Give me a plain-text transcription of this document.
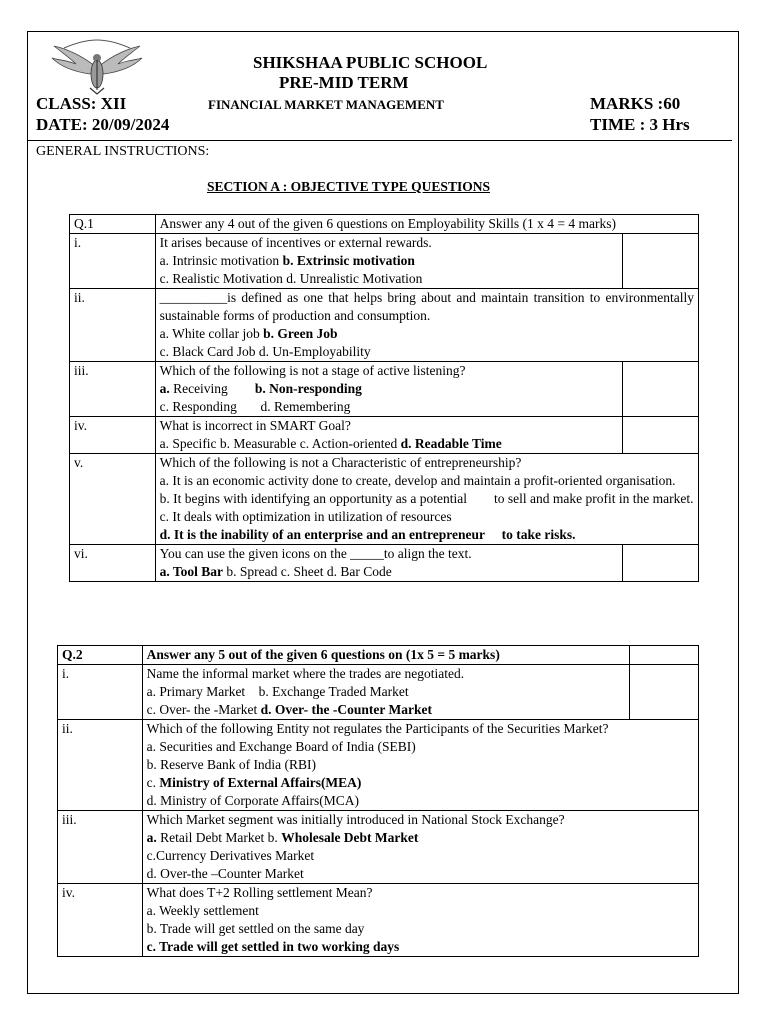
SHIKSHAA PUBLIC SCHOOL
PRE-MID TERM
CLASS: XII	FINANCIAL MARKET MANAGEMENT	MARKS :60
DATE: 20/09/2024	TIME : 3 Hrs
GENERAL INSTRUCTIONS:
SECTION A : OBJECTIVE TYPE QUESTIONS
Q.1	Answer any 4 out of the given 6 questions on Employability Skills (1 x 4 = 4 marks)	
i.	It arises because of incentives or external rewards.
a. Intrinsic motivation b. Extrinsic motivation
c. Realistic Motivation d. Unrealistic Motivation	

ii.	__________is defined as one that helps bring about and maintain transition to environmentally sustainable forms of production and consumption.
a. White collar job b. Green Job
c. Black Card Job d. Un-Employability	

iii.	Which of the following is not a stage of active listening?
a. Receiving b. Non-responding
c. Responding       d. Remembering	

iv.	What is incorrect in SMART Goal?
a. Specific b. Measurable c. Action-oriented d. Readable Time	

v.	Which of the following is not a Characteristic of entrepreneurship?
a. It is an economic activity done to create, develop and maintain a profit-oriented organisation.
b. It begins with identifying an opportunity as a potential        to sell and make profit in the market.
c. It deals with optimization in utilization of resources
d. It is the inability of an enterprise and an entrepreneur     to take risks.	

vi.	You can use the given icons on the _____to align the text.
a. Tool Bar b. Spread c. Sheet d. Bar Code	

Q.2	Answer any 5 out of the given 6 questions on (1x 5 = 5 marks)	
i.	Name the informal market where the trades are negotiated.
a. Primary Market    b. Exchange Traded Market
c. Over- the -Market d. Over- the -Counter Market	

ii.	Which of the following Entity not regulates the Participants of the Securities Market?
a. Securities and Exchange Board of India (SEBI)
b. Reserve Bank of India (RBI)
c. Ministry of External Affairs(MEA)
d. Ministry of Corporate Affairs(MCA)	

iii.	Which Market segment was initially introduced in National Stock Exchange?
a. Retail Debt Market b. Wholesale Debt Market
c.Currency Derivatives Market
d. Over-the –Counter Market	

iv.	What does T+2 Rolling settlement Mean?
a. Weekly settlement
b. Trade will get settled on the same day
c. Trade will get settled in two working days	
